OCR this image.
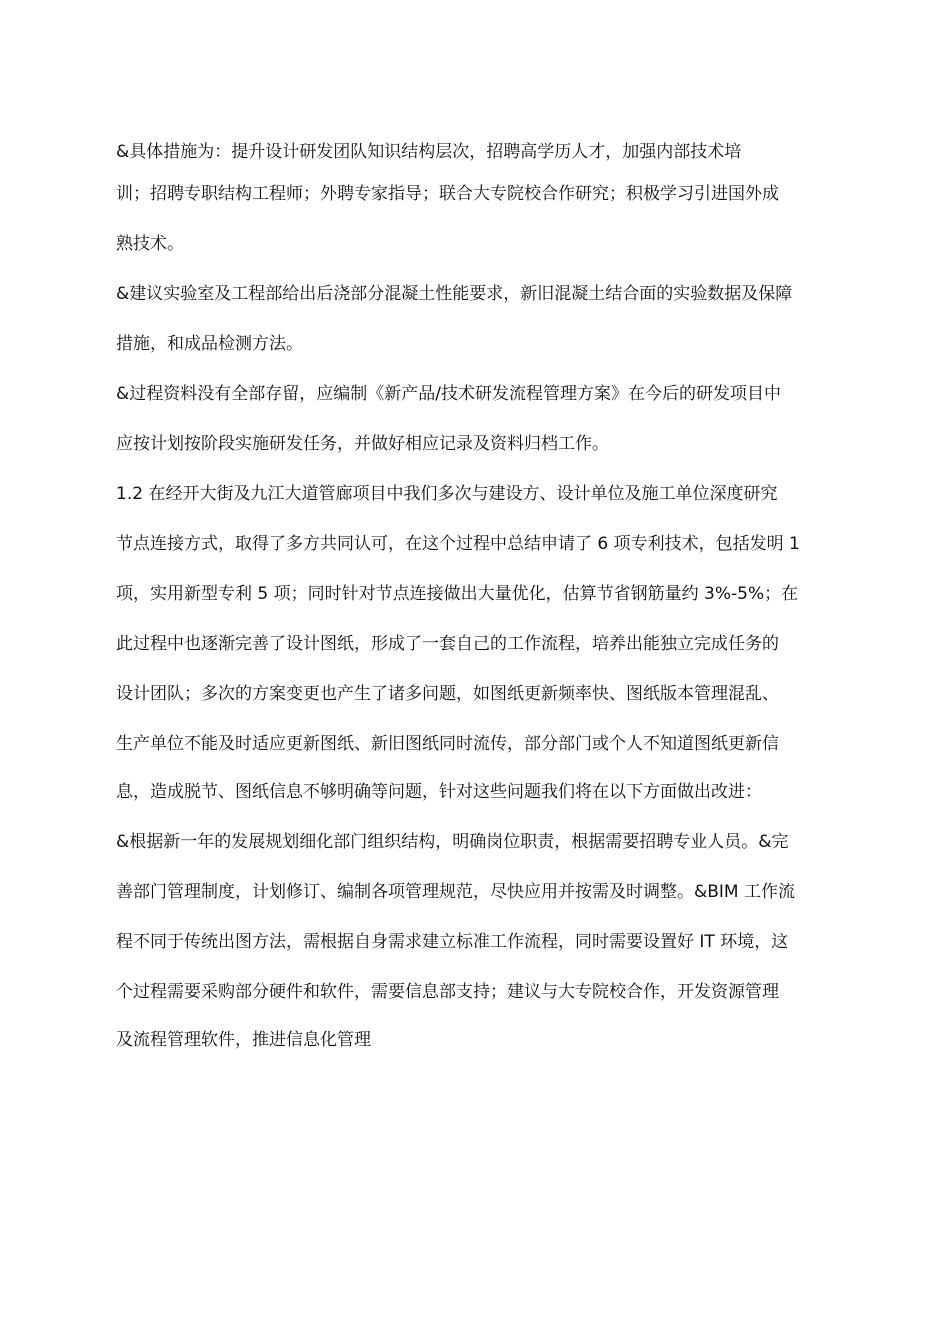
&具体措施为：提升设计研发团队知识结构层次，招聘高学历人才，加强内部技术培

训；招聘专职结构工程师；外聘专家指导；联合大专院校合作研究；积极学习引进国外成

熟技术。

&建议实验室及工程部给出后浇部分混凝土性能要求，新旧混凝土结合面的实验数据及保障

措施，和成品检测方法。

&过程资料没有全部存留，应编制《新产品/技术研发流程管理方案》在今后的研发项目中

应按计划按阶段实施研发任务，并做好相应记录及资料归档工作。

1.2 在经开大街及九江大道管廊项目中我们多次与建设方、设计单位及施工单位深度研究

节点连接方式，取得了多方共同认可，在这个过程中总结申请了 6 项专利技术，包括发明 1

项，实用新型专利 5 项；同时针对节点连接做出大量优化，估算节省钢筋量约 3%-5%；在

此过程中也逐渐完善了设计图纸，形成了一套自己的工作流程，培养出能独立完成任务的

设计团队；多次的方案变更也产生了诸多问题，如图纸更新频率快、图纸版本管理混乱、

生产单位不能及时适应更新图纸、新旧图纸同时流传，部分部门或个人不知道图纸更新信

息，造成脱节、图纸信息不够明确等问题，针对这些问题我们将在以下方面做出改进：

&根据新一年的发展规划细化部门组织结构，明确岗位职责，根据需要招聘专业人员。&完

善部门管理制度，计划修订、编制各项管理规范，尽快应用并按需及时调整。&BIM 工作流

程不同于传统出图方法，需根据自身需求建立标准工作流程，同时需要设置好 IT 环境，这

个过程需要采购部分硬件和软件，需要信息部支持；建议与大专院校合作，开发资源管理

及流程管理软件，推进信息化管理
